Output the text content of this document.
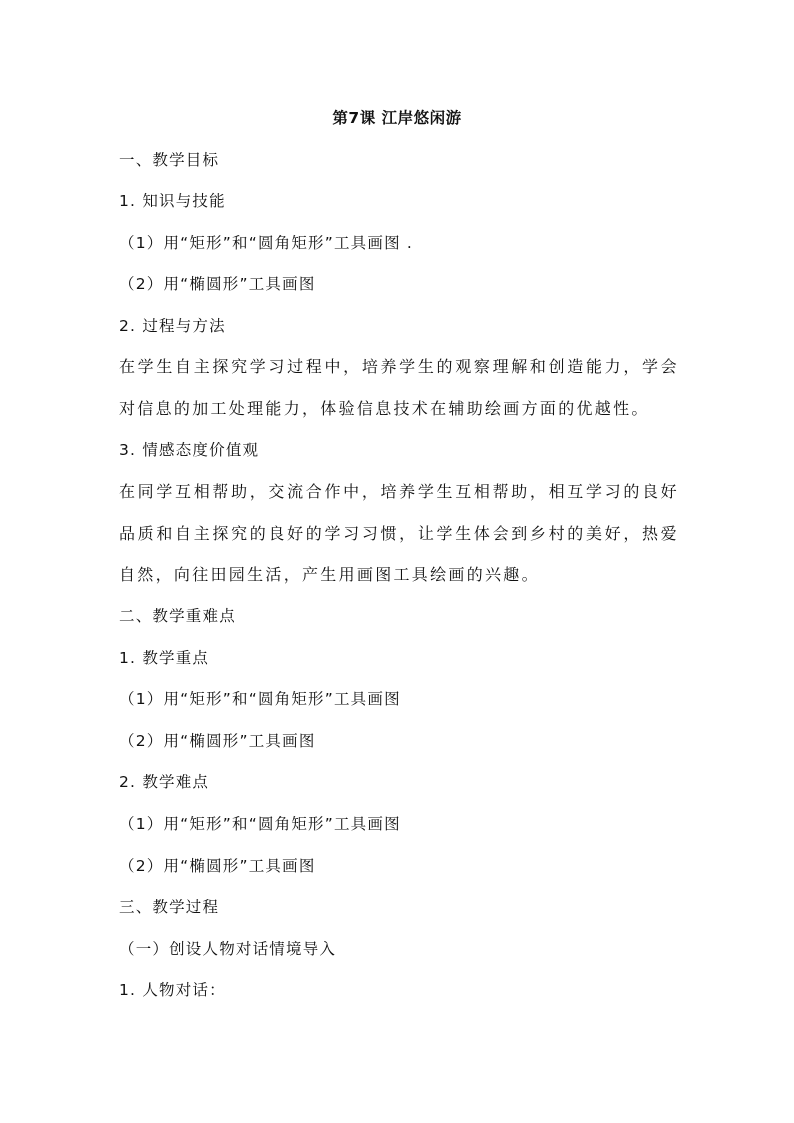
第7课 江岸悠闲游
一、教学目标
1. 知识与技能
（1）用“矩形”和“圆角矩形”工具画图 .
（2）用“椭圆形”工具画图
2. 过程与方法
在学生自主探究学习过程中，培养学生的观察理解和创造能力，学会对信息的加工处理能力，体验信息技术在辅助绘画方面的优越性。
3. 情感态度价值观
在同学互相帮助，交流合作中，培养学生互相帮助，相互学习的良好品质和自主探究的良好的学习习惯，让学生体会到乡村的美好，热爱自然，向往田园生活，产生用画图工具绘画的兴趣。
二、教学重难点
1. 教学重点
（1）用“矩形”和“圆角矩形”工具画图
（2）用“椭圆形”工具画图
2. 教学难点
（1）用“矩形”和“圆角矩形”工具画图
（2）用“椭圆形”工具画图
三、教学过程
（一）创设人物对话情境导入
1. 人物对话：
